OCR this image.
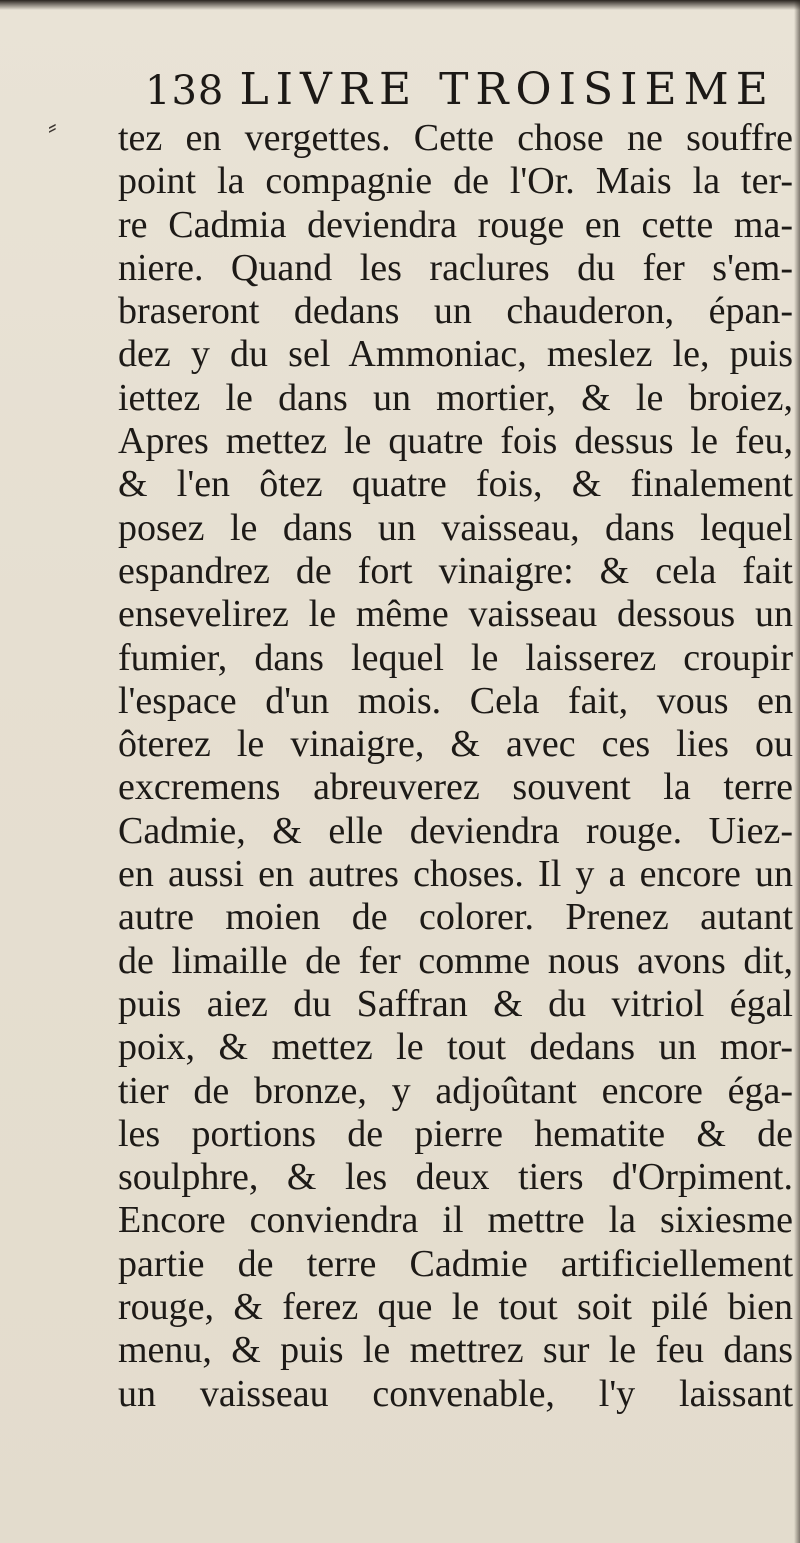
⸗
138 LIVRE TROISIEME
tez en vergettes. Cette chose ne souffre
point la compagnie de l'Or. Mais la ter-
re Cadmia deviendra rouge en cette ma-
niere. Quand les raclures du fer s'em-
braseront dedans un chauderon, épan-
dez y du sel Ammoniac, meslez le, puis
iettez le dans un mortier, & le broiez,
Apres mettez le quatre fois dessus le feu,
& l'en ôtez quatre fois, & finalement
posez le dans un vaisseau, dans lequel
espandrez de fort vinaigre: & cela fait
ensevelirez le même vaisseau dessous un
fumier, dans lequel le laisserez croupir
l'espace d'un mois. Cela fait, vous en
ôterez le vinaigre, & avec ces lies ou
excremens abreuverez souvent la terre
Cadmie, & elle deviendra rouge. Uiez-
en aussi en autres choses. Il y a encore un
autre moien de colorer. Prenez autant
de limaille de fer comme nous avons dit,
puis aiez du Saffran & du vitriol égal
poix, & mettez le tout dedans un mor-
tier de bronze, y adjoûtant encore éga-
les portions de pierre hematite & de
soulphre, & les deux tiers d'Orpiment.
Encore conviendra il mettre la sixiesme
partie de terre Cadmie artificiellement
rouge, & ferez que le tout soit pilé bien
menu, & puis le mettrez sur le feu dans
un vaisseau convenable, l'y laissant
